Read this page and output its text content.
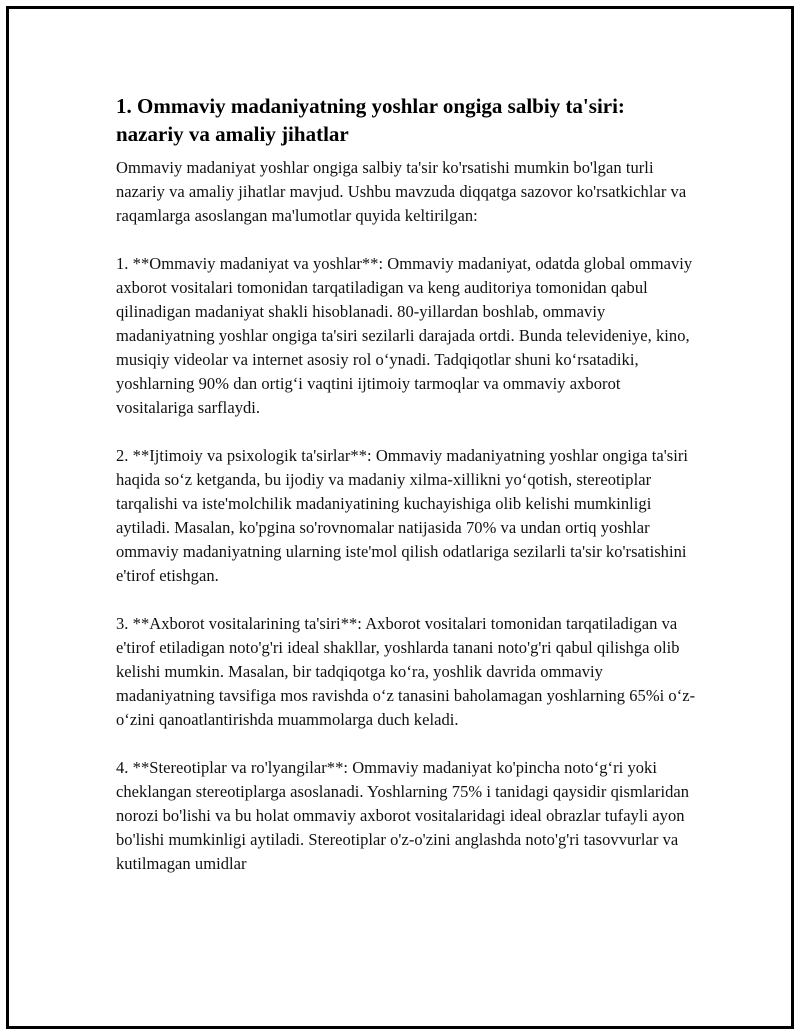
1. Ommaviy madaniyatning yoshlar ongiga salbiy ta'siri: nazariy va amaliy jihatlar

Ommaviy madaniyat yoshlar ongiga salbiy ta'sir ko'rsatishi mumkin bo'lgan turli nazariy va amaliy jihatlar mavjud. Ushbu mavzuda diqqatga sazovor ko'rsatkichlar va raqamlarga asoslangan ma'lumotlar quyida keltirilgan:

1. **Ommaviy madaniyat va yoshlar**: Ommaviy madaniyat, odatda global ommaviy axborot vositalari tomonidan tarqatiladigan va keng auditoriya tomonidan qabul qilinadigan madaniyat shakli hisoblanadi. 80-yillardan boshlab, ommaviy madaniyatning yoshlar ongiga ta'siri sezilarli darajada ortdi. Bunda televideniye, kino, musiqiy videolar va internet asosiy rol o‘ynadi. Tadqiqotlar shuni ko‘rsatadiki, yoshlarning 90% dan ortig‘i vaqtini ijtimoiy tarmoqlar va ommaviy axborot vositalariga sarflaydi.

2. **Ijtimoiy va psixologik ta'sirlar**: Ommaviy madaniyatning yoshlar ongiga ta'siri haqida so‘z ketganda, bu ijodiy va madaniy xilma-xillikni yo‘qotish, stereotiplar tarqalishi va iste'molchilik madaniyatining kuchayishiga olib kelishi mumkinligi aytiladi. Masalan, ko'pgina so'rovnomalar natijasida 70% va undan ortiq yoshlar ommaviy madaniyatning ularning iste'mol qilish odatlariga sezilarli ta'sir ko'rsatishini e'tirof etishgan.

3. **Axborot vositalarining ta'siri**: Axborot vositalari tomonidan tarqatiladigan va e'tirof etiladigan noto'g'ri ideal shakllar, yoshlarda tanani noto'g'ri qabul qilishga olib kelishi mumkin. Masalan, bir tadqiqotga ko‘ra, yoshlik davrida ommaviy madaniyatning tavsifiga mos ravishda o‘z tanasini baholamagan yoshlarning 65%i o‘z-o‘zini qanoatlantirishda muammolarga duch keladi.

4. **Stereotiplar va ro'lyangilar**: Ommaviy madaniyat ko'pincha noto‘g‘ri yoki cheklangan stereotiplarga asoslanadi. Yoshlarning 75% i tanidagi qaysidir qismlaridan norozi bo'lishi va bu holat ommaviy axborot vositalaridagi ideal obrazlar tufayli ayon bo'lishi mumkinligi aytiladi. Stereotiplar o'z-o'zini anglashda noto'g'ri tasovvurlar va kutilmagan umidlar
